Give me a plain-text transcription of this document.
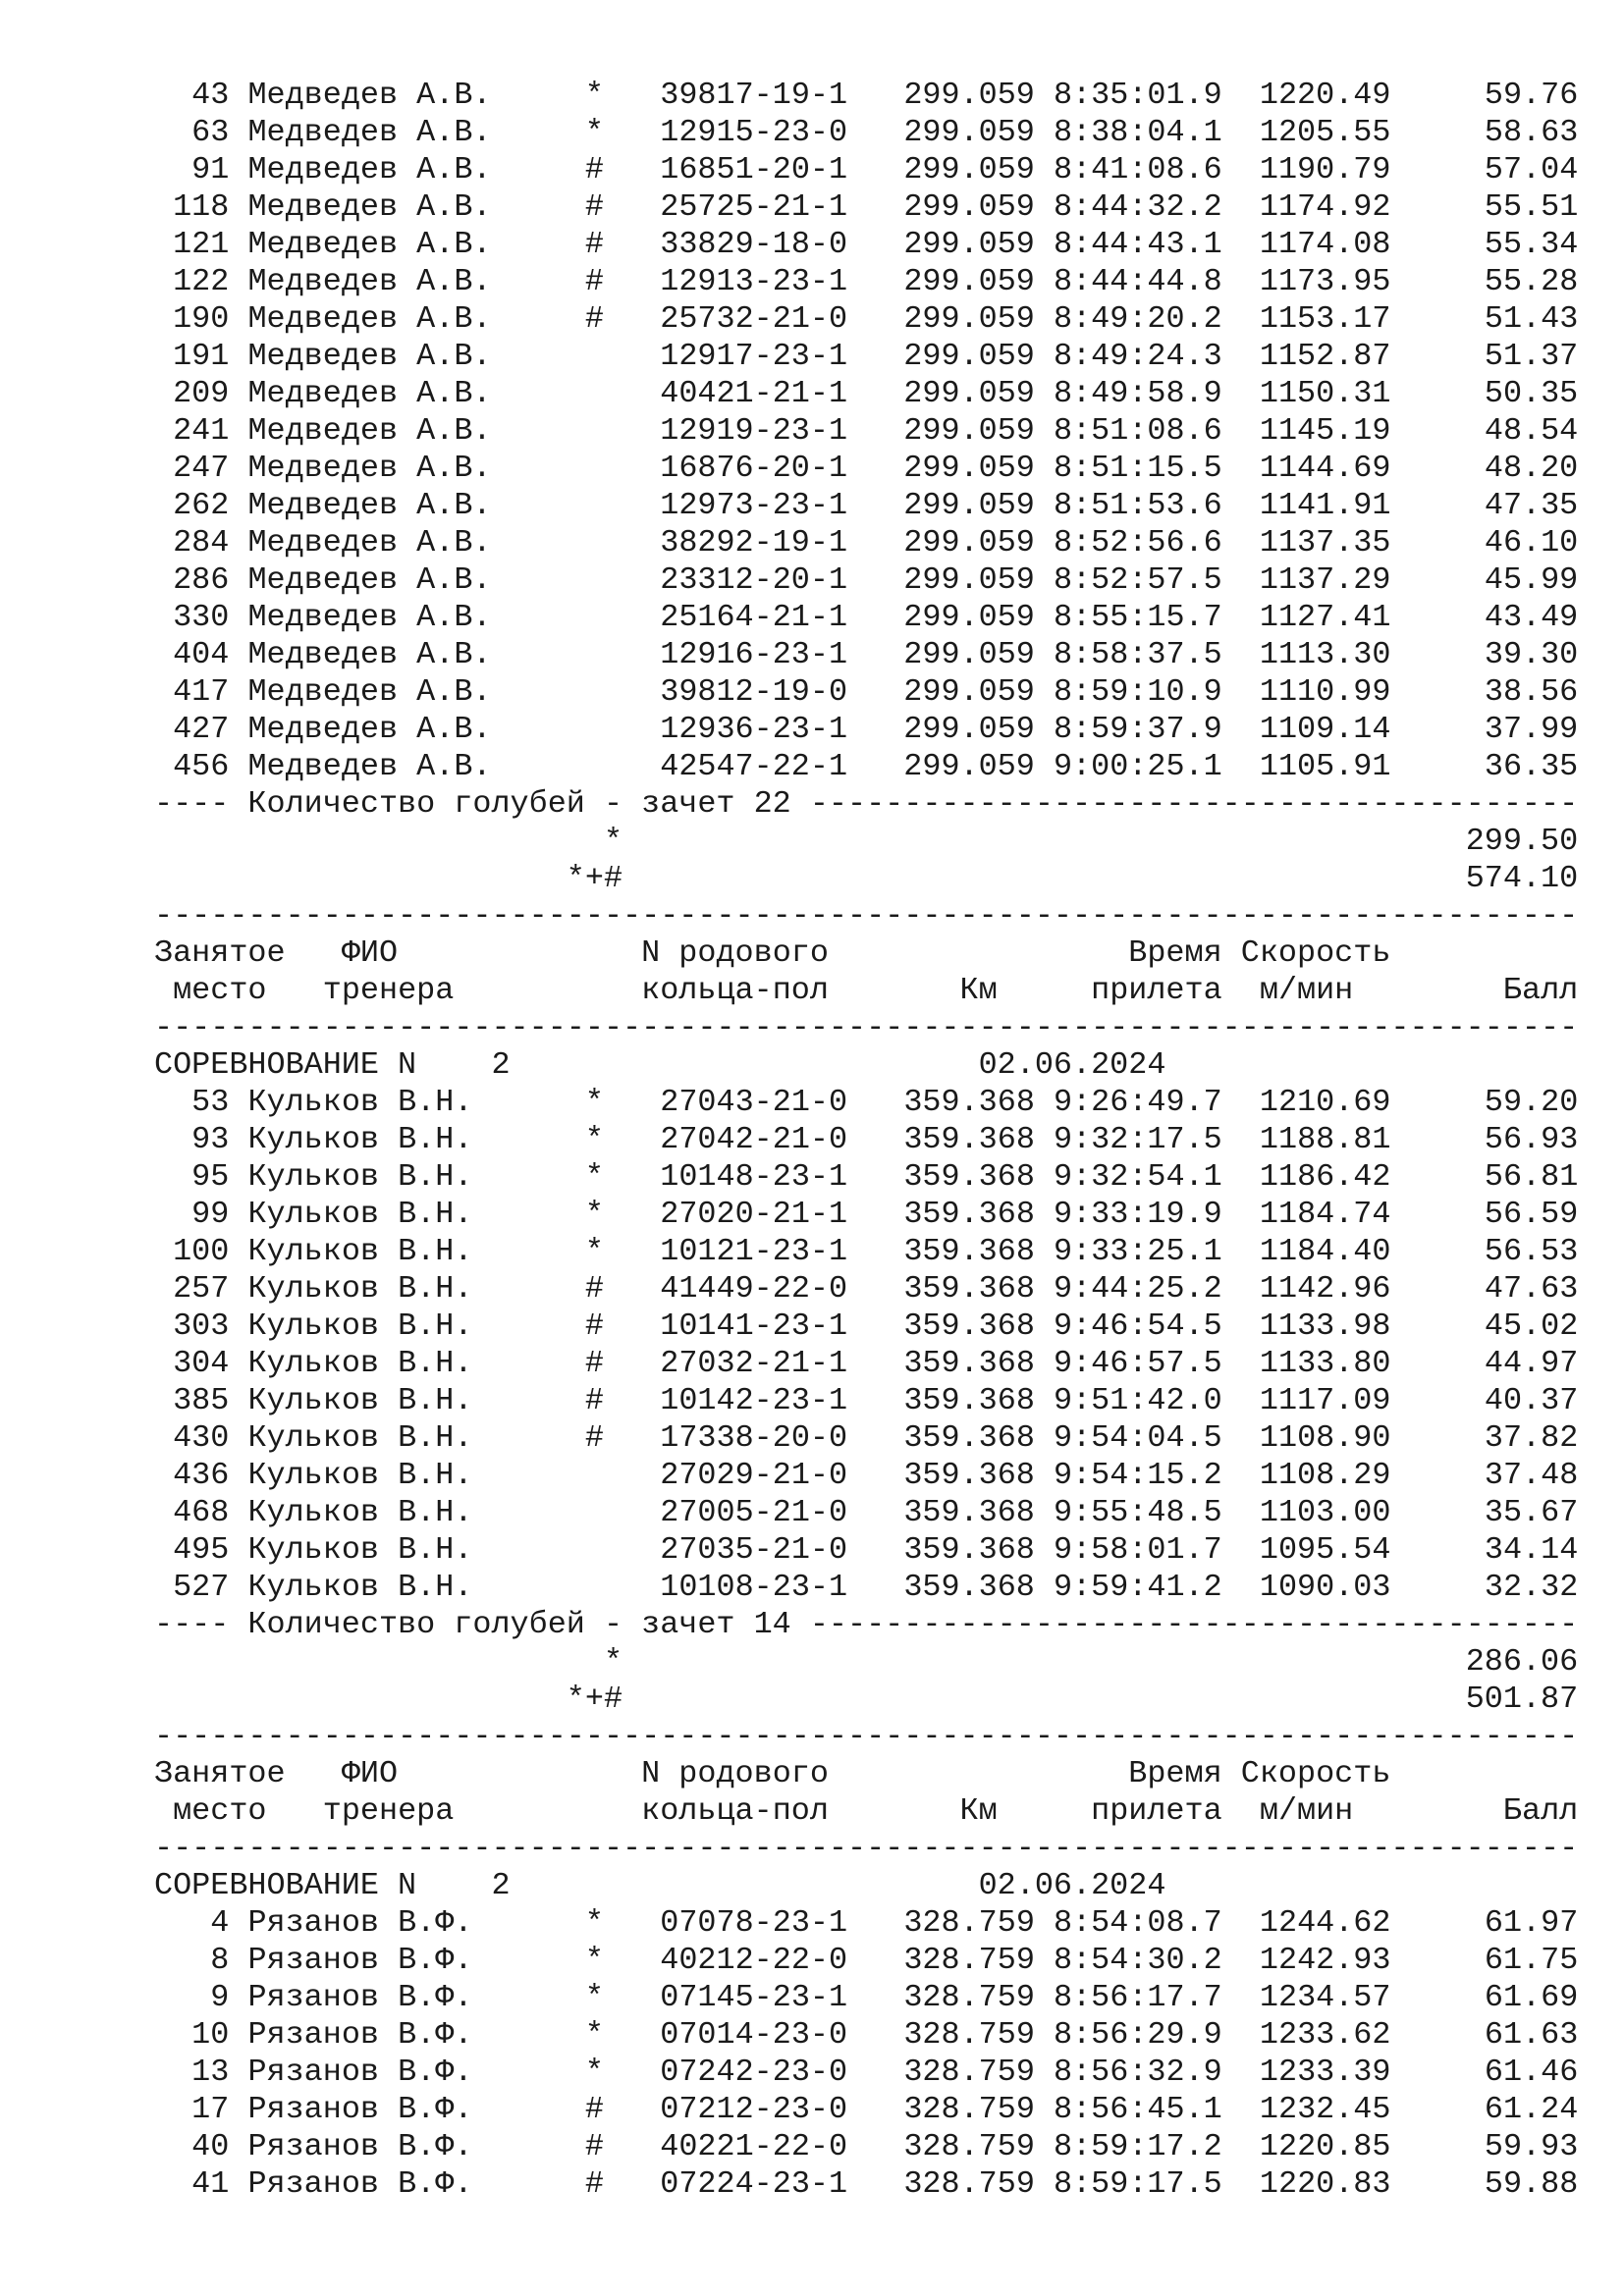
43 Медведев А.В.	* 39817-19-1 299.059 8:35:01.9 1220.49	59.76
63 Медведев А.В.	* 12915-23-0 299.059 8:38:04.1 1205.55	58.63
91 Медведев А.В.	# 16851-20-1 299.059 8:41:08.6 1190.79	57.04
118 Медведев А.В.	# 25725-21-1 299.059 8:44:32.2 1174.92	55.51
121 Медведев А.В.	# 33829-18-0 299.059 8:44:43.1 1174.08	55.34
122 Медведев А.В.	# 12913-23-1 299.059 8:44:44.8 1173.95	55.28
190 Медведев А.В.	# 25732-21-0 299.059 8:49:20.2 1153.17	51.43
191 Медведев А.В.	12917-23-1 299.059 8:49:24.3 1152.87	51.37
209 Медведев А.В.	40421-21-1 299.059 8:49:58.9 1150.31	50.35
241 Медведев А.В.	12919-23-1 299.059 8:51:08.6 1145.19	48.54
247 Медведев А.В.	16876-20-1 299.059 8:51:15.5 1144.69	48.20
262 Медведев А.В.	12973-23-1 299.059 8:51:53.6 1141.91	47.35
284 Медведев А.В.	38292-19-1 299.059 8:52:56.6 1137.35	46.10
286 Медведев А.В.	23312-20-1 299.059 8:52:57.5 1137.29	45.99
330 Медведев А.В.	25164-21-1 299.059 8:55:15.7 1127.41	43.49
404 Медведев А.В.	12916-23-1 299.059 8:58:37.5 1113.30	39.30
417 Медведев А.В.	39812-19-0 299.059 8:59:10.9 1110.99	38.56
427 Медведев А.В.	12936-23-1 299.059 8:59:37.9 1109.14	37.99
456 Медведев А.В.	42547-22-1 299.059 9:00:25.1 1105.91	36.35
---- Количество голубей - зачет 22 -----------------------------------------
*	299.50
*+#	574.10
----------------------------------------------------------------------------
Занятое ФИО	N родового	Время Скорость
место тренера	кольца-пол	Км	прилета м/мин	Балл
----------------------------------------------------------------------------
СОРЕВНОВАНИЕ N 2	02.06.2024
53 Кульков В.Н.	* 27043-21-0 359.368 9:26:49.7 1210.69	59.20
93 Кульков В.Н.	* 27042-21-0 359.368 9:32:17.5 1188.81	56.93
95 Кульков В.Н.	* 10148-23-1 359.368 9:32:54.1 1186.42	56.81
99 Кульков В.Н.	* 27020-21-1 359.368 9:33:19.9 1184.74	56.59
100 Кульков В.Н.	* 10121-23-1 359.368 9:33:25.1 1184.40	56.53
257 Кульков В.Н.	# 41449-22-0 359.368 9:44:25.2 1142.96	47.63
303 Кульков В.Н.	# 10141-23-1 359.368 9:46:54.5 1133.98	45.02
304 Кульков В.Н.	# 27032-21-1 359.368 9:46:57.5 1133.80	44.97
385 Кульков В.Н.	# 10142-23-1 359.368 9:51:42.0 1117.09	40.37
430 Кульков В.Н.	# 17338-20-0 359.368 9:54:04.5 1108.90	37.82
436 Кульков В.Н.	27029-21-0 359.368 9:54:15.2 1108.29	37.48
468 Кульков В.Н.	27005-21-0 359.368 9:55:48.5 1103.00	35.67
495 Кульков В.Н.	27035-21-0 359.368 9:58:01.7 1095.54	34.14
527 Кульков В.Н.	10108-23-1 359.368 9:59:41.2 1090.03	32.32
---- Количество голубей - зачет 14 -----------------------------------------
*	286.06
*+#	501.87
----------------------------------------------------------------------------
Занятое ФИО	N родового	Время Скорость
место тренера	кольца-пол	Км	прилета м/мин	Балл
----------------------------------------------------------------------------
СОРЕВНОВАНИЕ N 2	02.06.2024
4 Рязанов В.Ф.	* 07078-23-1 328.759 8:54:08.7 1244.62	61.97
8 Рязанов В.Ф.	* 40212-22-0 328.759 8:54:30.2 1242.93	61.75
9 Рязанов В.Ф.	* 07145-23-1 328.759 8:56:17.7 1234.57	61.69
10 Рязанов В.Ф.	* 07014-23-0 328.759 8:56:29.9 1233.62	61.63
13 Рязанов В.Ф.	* 07242-23-0 328.759 8:56:32.9 1233.39	61.46
17 Рязанов В.Ф.	# 07212-23-0 328.759 8:56:45.1 1232.45	61.24
40 Рязанов В.Ф.	# 40221-22-0 328.759 8:59:17.2 1220.85	59.93
41 Рязанов В.Ф.	# 07224-23-1 328.759 8:59:17.5 1220.83	59.88
